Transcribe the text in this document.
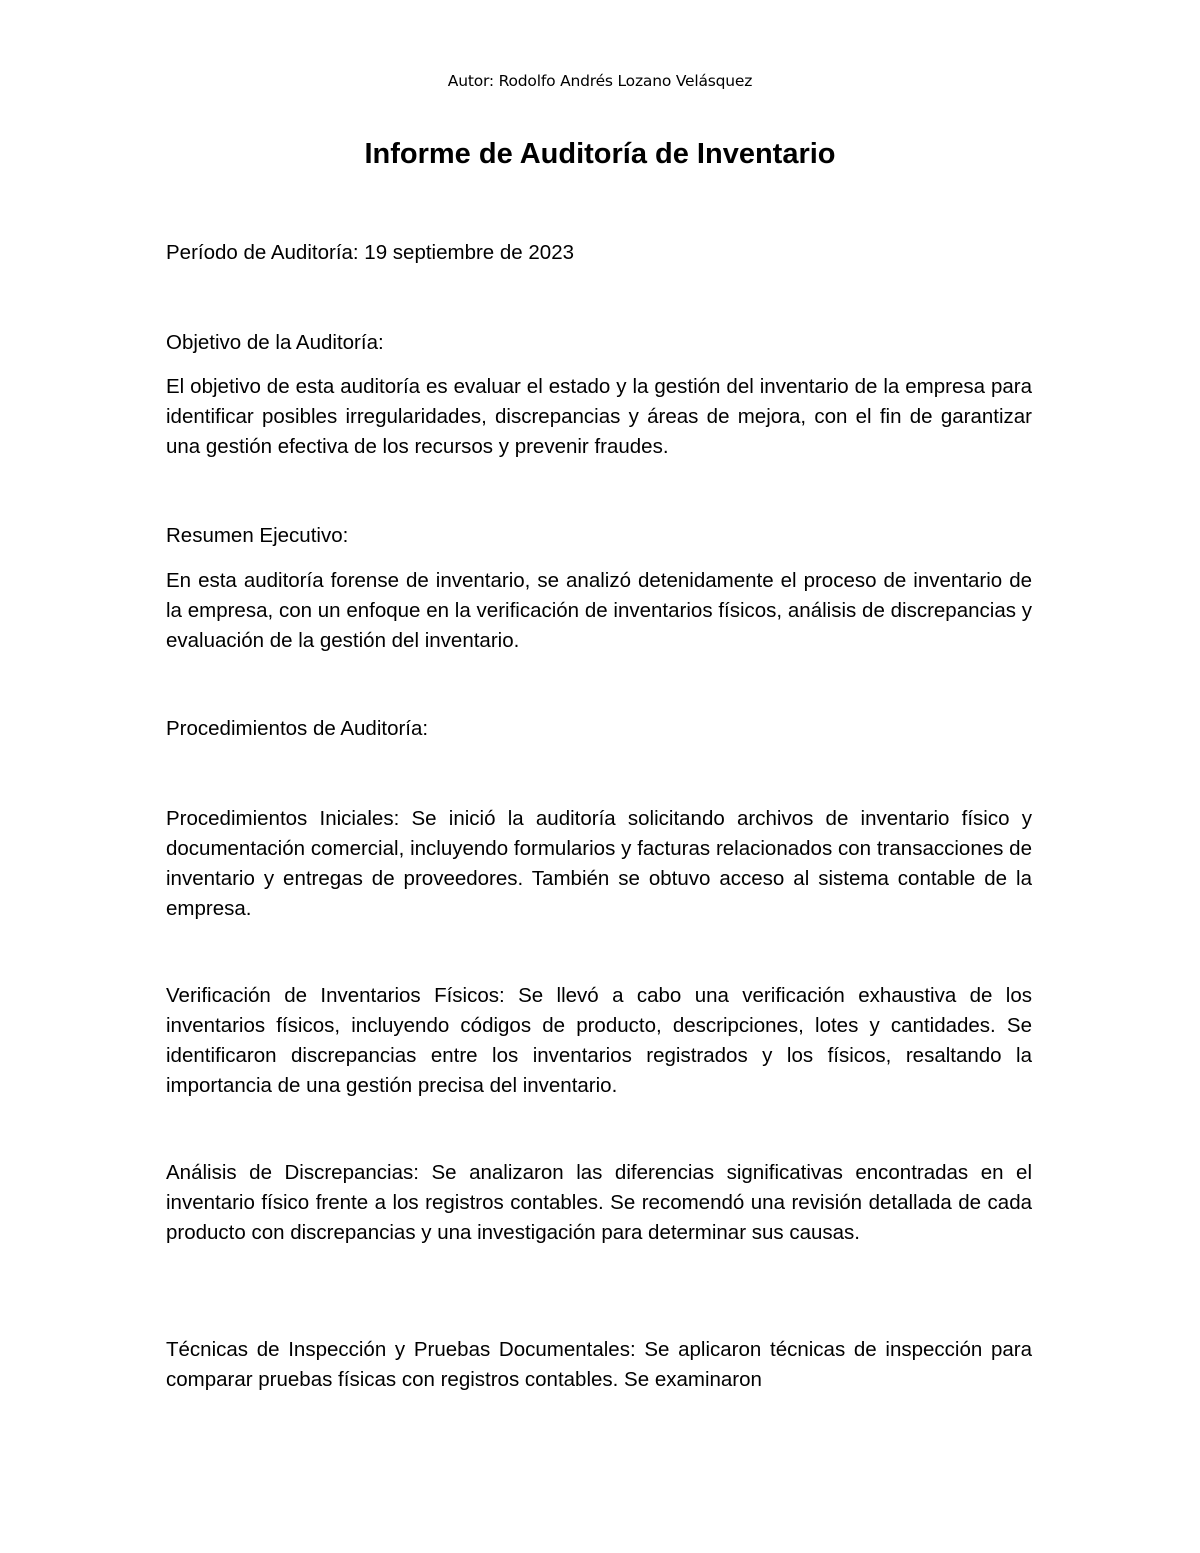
Autor: Rodolfo Andrés Lozano Velásquez
Informe de Auditoría de Inventario

Período de Auditoría: 19 septiembre de 2023

Objetivo de la Auditoría:

El objetivo de esta auditoría es evaluar el estado y la gestión del inventario de la empresa para identificar posibles irregularidades, discrepancias y áreas de mejora, con el fin de garantizar una gestión efectiva de los recursos y prevenir fraudes.

Resumen Ejecutivo:

En esta auditoría forense de inventario, se analizó detenidamente el proceso de inventario de la empresa, con un enfoque en la verificación de inventarios físicos, análisis de discrepancias y evaluación de la gestión del inventario.

Procedimientos de Auditoría:

Procedimientos Iniciales: Se inició la auditoría solicitando archivos de inventario físico y documentación comercial, incluyendo formularios y facturas relacionados con transacciones de inventario y entregas de proveedores. También se obtuvo acceso al sistema contable de la empresa.

Verificación de Inventarios Físicos: Se llevó a cabo una verificación exhaustiva de los inventarios físicos, incluyendo códigos de producto, descripciones, lotes y cantidades. Se identificaron discrepancias entre los inventarios registrados y los físicos, resaltando la importancia de una gestión precisa del inventario.

Análisis de Discrepancias: Se analizaron las diferencias significativas encontradas en el inventario físico frente a los registros contables. Se recomendó una revisión detallada de cada producto con discrepancias y una investigación para determinar sus causas.

Técnicas de Inspección y Pruebas Documentales: Se aplicaron técnicas de inspección para comparar pruebas físicas con registros contables. Se examinaron
